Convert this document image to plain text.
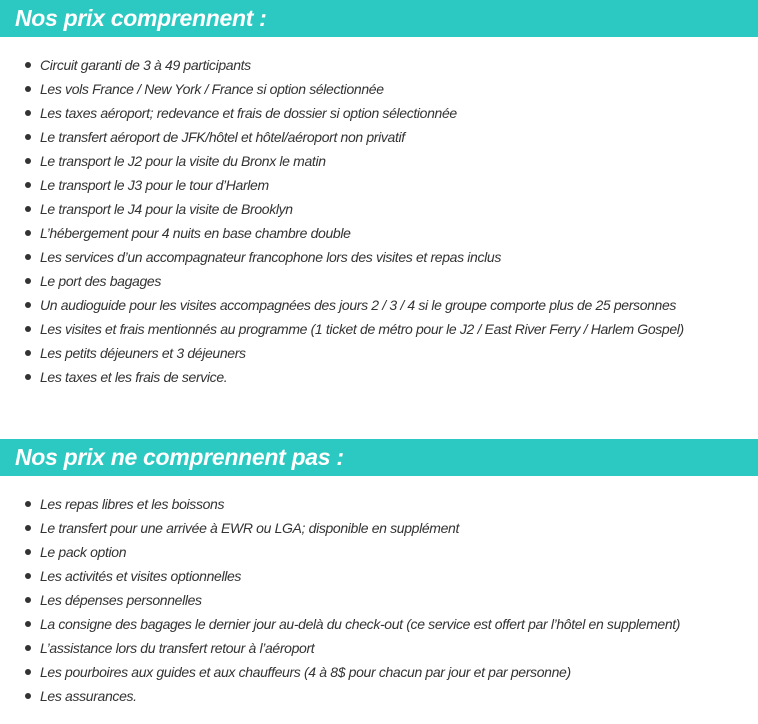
Nos prix comprennent :
Circuit garanti de 3 à 49 participants
Les vols France / New York / France si option sélectionnée
Les taxes aéroport; redevance et frais de dossier si option sélectionnée
Le transfert aéroport de JFK/hôtel et hôtel/aéroport non privatif
Le transport le J2 pour la visite du Bronx le matin
Le transport le J3 pour le tour d’Harlem
Le transport le J4 pour la visite de Brooklyn
L’hébergement pour 4 nuits en base chambre double
Les services d’un accompagnateur francophone lors des visites et repas inclus
Le port des bagages
Un audioguide pour les visites accompagnées des jours 2 / 3 / 4 si le groupe comporte plus de 25 personnes
Les visites et frais mentionnés au programme (1 ticket de métro pour le J2 / East River Ferry / Harlem Gospel)
Les petits déjeuners et 3 déjeuners
Les taxes et les frais de service.
Nos prix ne comprennent pas :
Les repas libres et les boissons
Le transfert pour une arrivée à EWR ou LGA; disponible en supplément
Le pack option
Les activités et visites optionnelles
Les dépenses personnelles
La consigne des bagages le dernier jour au-delà du check-out (ce service est offert par l’hôtel en supplement)
L’assistance lors du transfert retour à l’aéroport
Les pourboires aux guides et aux chauffeurs (4 à 8$ pour chacun par jour et par personne)
Les assurances.
